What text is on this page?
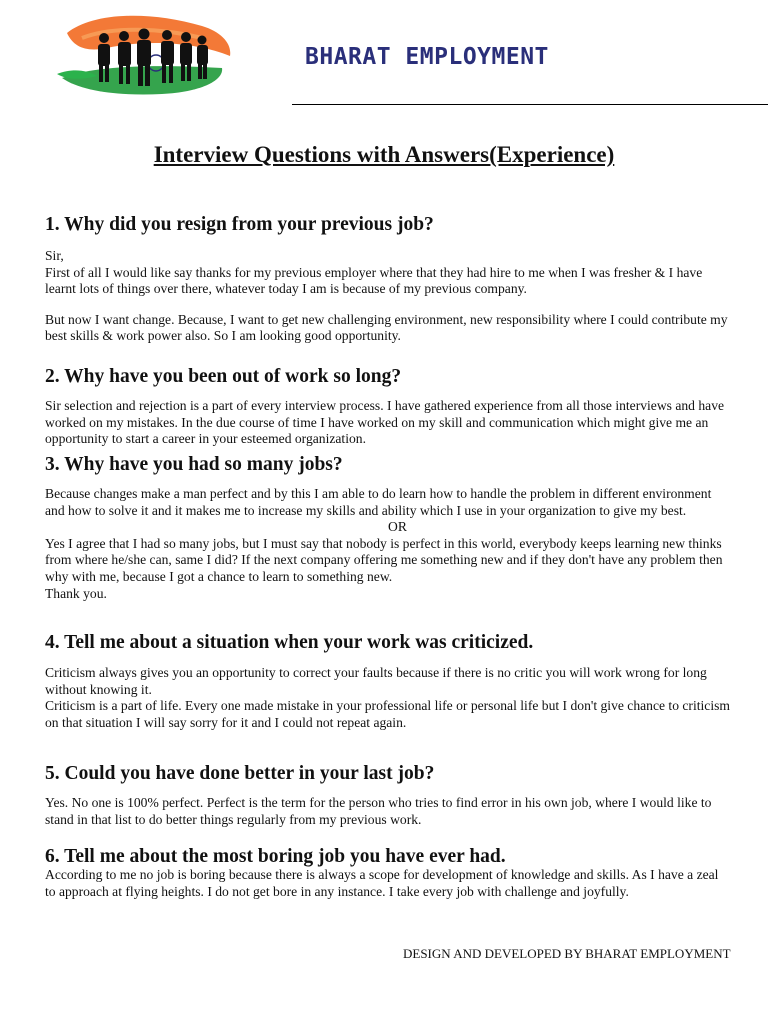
BHARAT EMPLOYMENT
Interview Questions with Answers(Experience)
1. Why did you resign from your previous job?
Sir,
First of all I would like say thanks for my previous employer where that they had hire to me when I was fresher & I have learnt lots of things over there, whatever today I am is because of my previous company.
But now I want change. Because, I want to get new challenging environment, new responsibility where I could contribute my best skills & work power also. So I am looking good opportunity.
2. Why have you been out of work so long?
Sir selection and rejection is a part of every interview process. I have gathered experience from all those interviews and have worked on my mistakes. In the due course of time I have worked on my skill and communication which might give me an opportunity to start a career in your esteemed organization.
3. Why have you had so many jobs?
Because changes make a man perfect and by this I am able to do learn how to handle the problem in different environment and how to solve it and it makes me to increase my skills and ability which I use in your organization to give my best.
OR
Yes I agree that I had so many jobs, but I must say that nobody is perfect in this world, everybody keeps learning new thinks from where he/she can, same I did? If the next company offering me something new and if they don't have any problem then why with me, because I got a chance to learn to something new.
Thank you.
4. Tell me about a situation when your work was criticized.
Criticism always gives you an opportunity to correct your faults because if there is no critic you will work wrong for long without knowing it.
Criticism is a part of life. Every one made mistake in your professional life or personal life but I don't give chance to criticism on that situation I will say sorry for it and I could not repeat again.
5. Could you have done better in your last job?
Yes. No one is 100% perfect. Perfect is the term for the person who tries to find error in his own job, where I would like to stand in that list to do better things regularly from my previous work.
6. Tell me about the most boring job you have ever had.
According to me no job is boring because there is always a scope for development of knowledge and skills. As I have a zeal to approach at flying heights. I do not get bore in any instance. I take every job with challenge and joyfully.

DESIGN AND DEVELOPED BY BHARAT EMPLOYMENT
